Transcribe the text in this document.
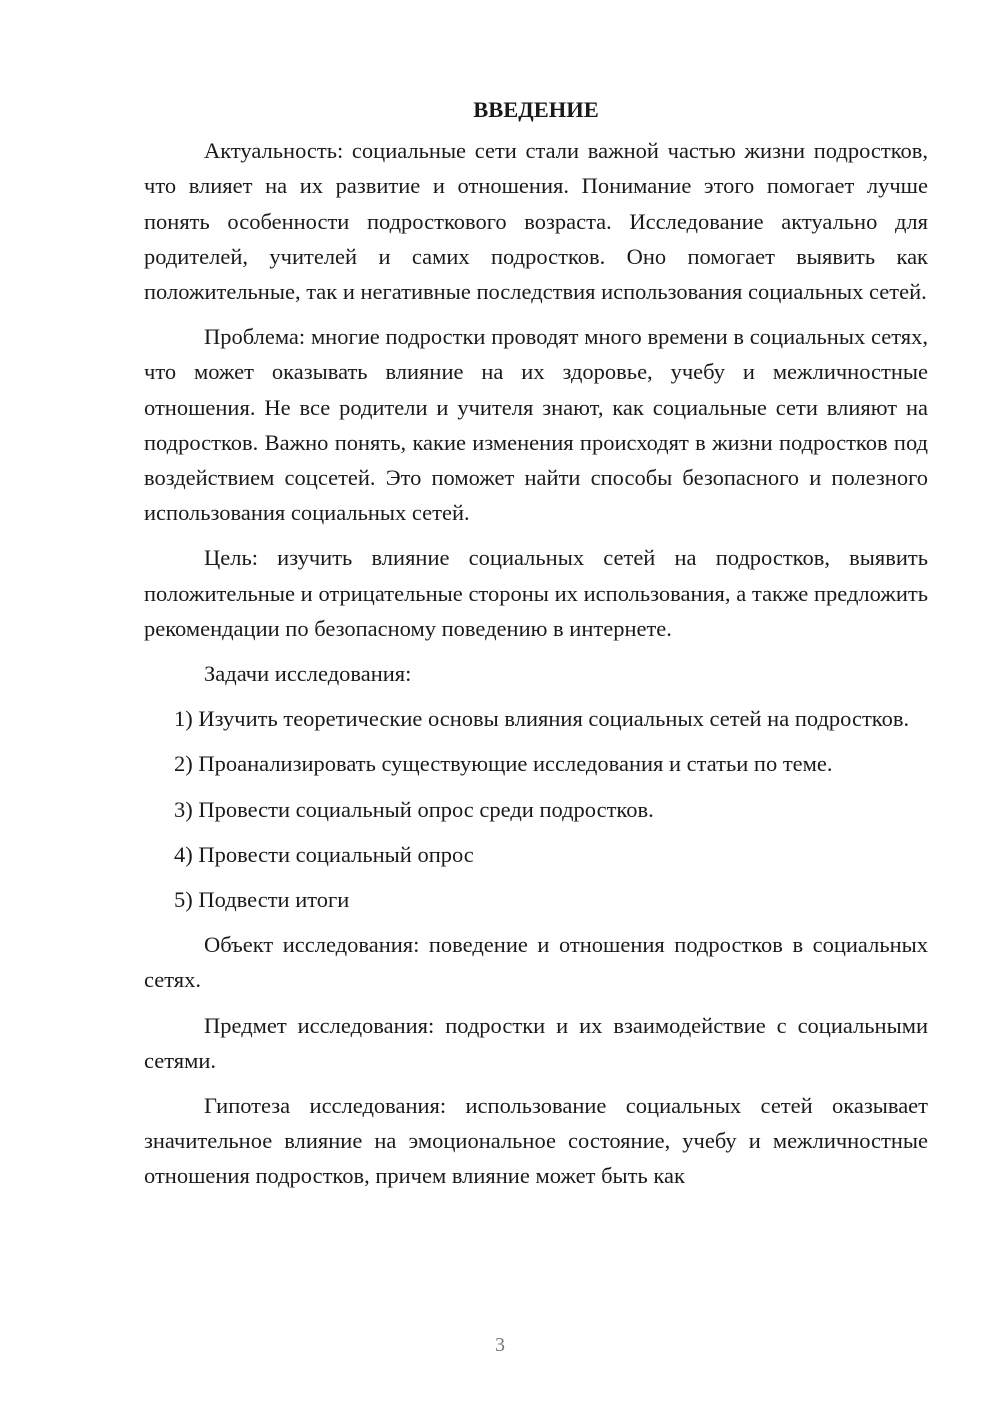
ВВЕДЕНИЕ

Актуальность: социальные сети стали важной частью жизни подростков, что влияет на их развитие и отношения. Понимание этого помогает лучше понять особенности подросткового возраста. Исследование актуально для родителей, учителей и самих подростков. Оно помогает выявить как положительные, так и негативные последствия использования социальных сетей.

Проблема: многие подростки проводят много времени в социальных сетях, что может оказывать влияние на их здоровье, учебу и межличностные отношения. Не все родители и учителя знают, как социальные сети влияют на подростков. Важно понять, какие изменения происходят в жизни подростков под воздействием соцсетей. Это поможет найти способы безопасного и полезного использования социальных сетей.

Цель: изучить влияние социальных сетей на подростков, выявить положительные и отрицательные стороны их использования, а также предложить рекомендации по безопасному поведению в интернете.

Задачи исследования:

1) Изучить теоретические основы влияния социальных сетей на подростков.

2) Проанализировать существующие исследования и статьи по теме.

3) Провести социальный опрос среди подростков.

4) Провести социальный опрос

5) Подвести итоги

Объект исследования: поведение и отношения подростков в социальных сетях.

Предмет исследования: подростки и их взаимодействие с социальными сетями.

Гипотеза исследования: использование социальных сетей оказывает значительное влияние на эмоциональное состояние, учебу и межличностные отношения подростков, причем влияние может быть как

3
